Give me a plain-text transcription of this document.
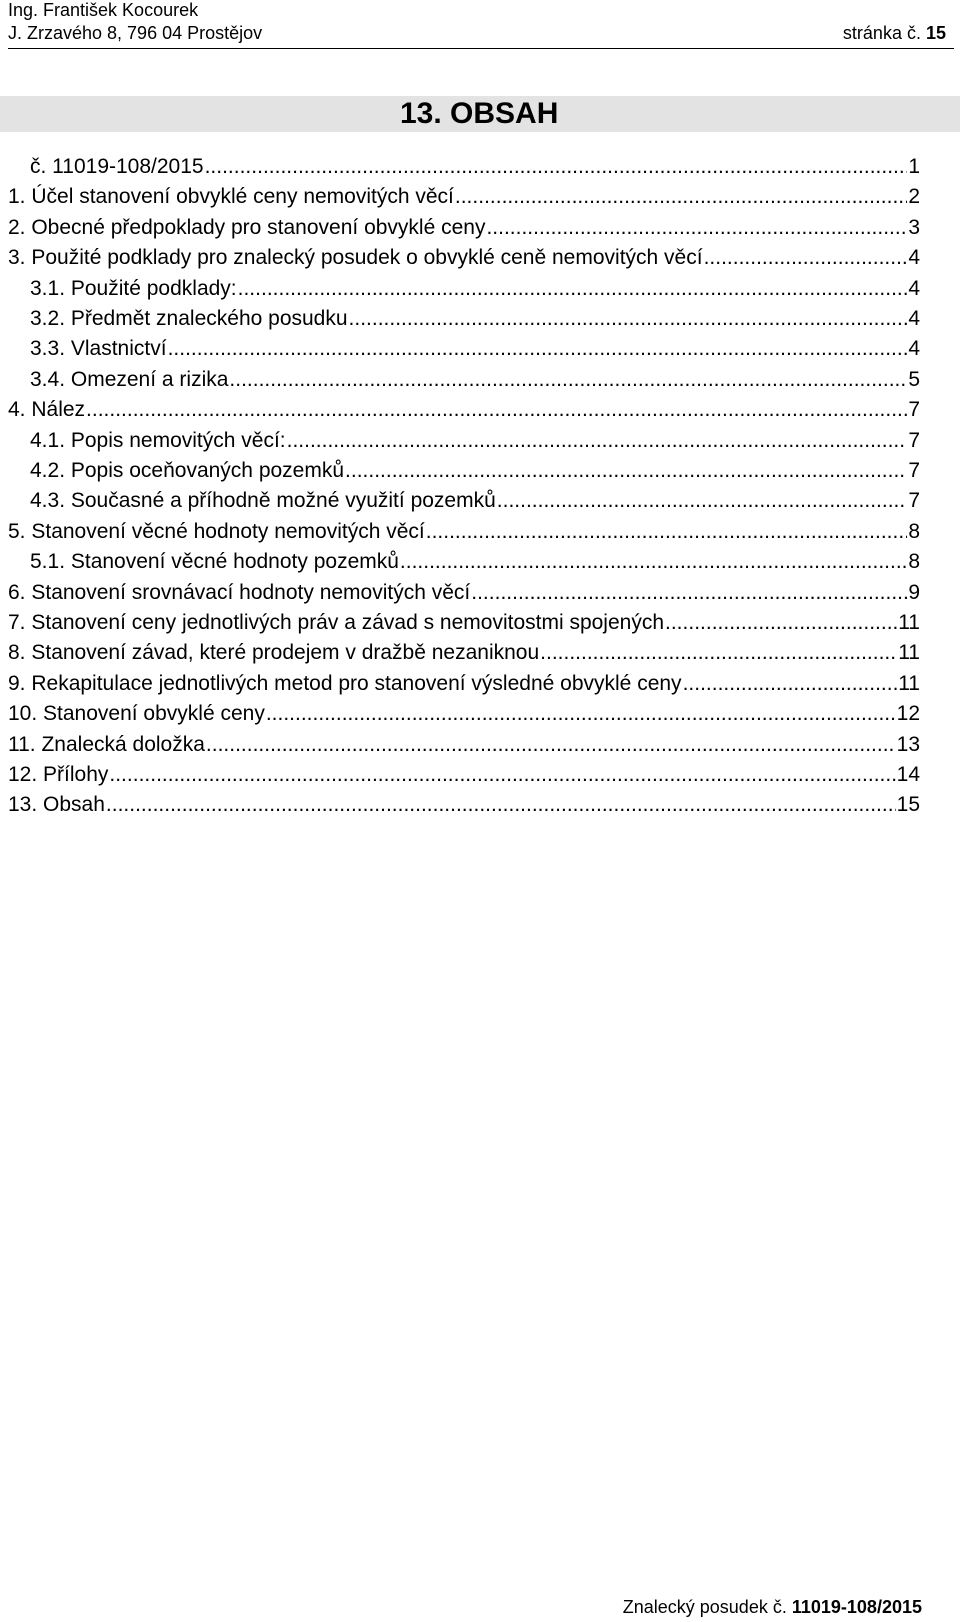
Ing. František Kocourek
J. Zrzavého 8, 796 04 Prostějov	stránka č. 15
13. OBSAH
č. 11019-108/2015 .....	1
1. Účel stanovení obvyklé ceny nemovitých věcí .....	2
2. Obecné předpoklady pro stanovení obvyklé ceny .....	3
3. Použité podklady pro znalecký posudek o obvyklé ceně nemovitých věcí .....	4
3.1. Použité podklady: .....	4
3.2. Předmět znaleckého posudku .....	4
3.3. Vlastnictví .....	4
3.4. Omezení a rizika .....	5
4. Nález .....	7
4.1. Popis nemovitých věcí: .....	7
4.2. Popis oceňovaných pozemků .....	7
4.3. Současné a příhodně možné využití pozemků .....	7
5. Stanovení věcné hodnoty nemovitých věcí .....	8
5.1. Stanovení věcné hodnoty pozemků .....	8
6. Stanovení srovnávací hodnoty nemovitých věcí .....	9
7. Stanovení ceny jednotlivých práv a závad s nemovitostmi spojených .....	11
8. Stanovení závad, které prodejem v dražbě nezaniknou .....	11
9. Rekapitulace jednotlivých metod pro stanovení výsledné obvyklé ceny .....	11
10. Stanovení obvyklé ceny .....	12
11. Znalecká doložka .....	13
12. Přílohy .....	14
13. Obsah .....	15
Znalecký posudek č. 11019-108/2015
